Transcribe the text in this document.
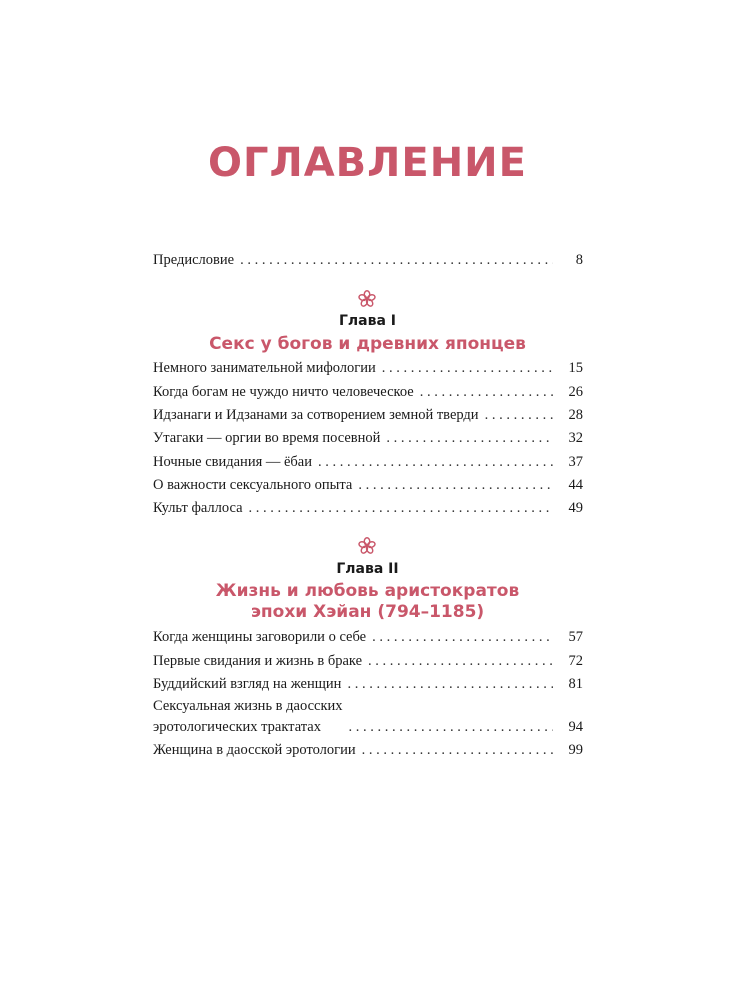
ОГЛАВЛЕНИЕ
Предисловие . . .	8
Глава I
Секс у богов и древних японцев
Немного занимательной мифологии . . .	15
Когда богам не чуждо ничто человеческое . . .	26
Идзанаги и Идзанами за сотворением земной тверди . . .	28
Утагаки — оргии во время посевной . . .	32
Ночные свидания — ёбаи . . .	37
О важности сексуального опыта . . .	44
Культ фаллоса . . .	49
Глава II
Жизнь и любовь аристократов
эпохи Хэйан (794–1185)
Когда женщины заговорили о себе . . .	57
Первые свидания и жизнь в браке . . .	72
Буддийский взгляд на женщин . . .	81
Сексуальная жизнь в даосских
эротологических трактатах . . .	94
Женщина в даосской эротологии . . .	99
